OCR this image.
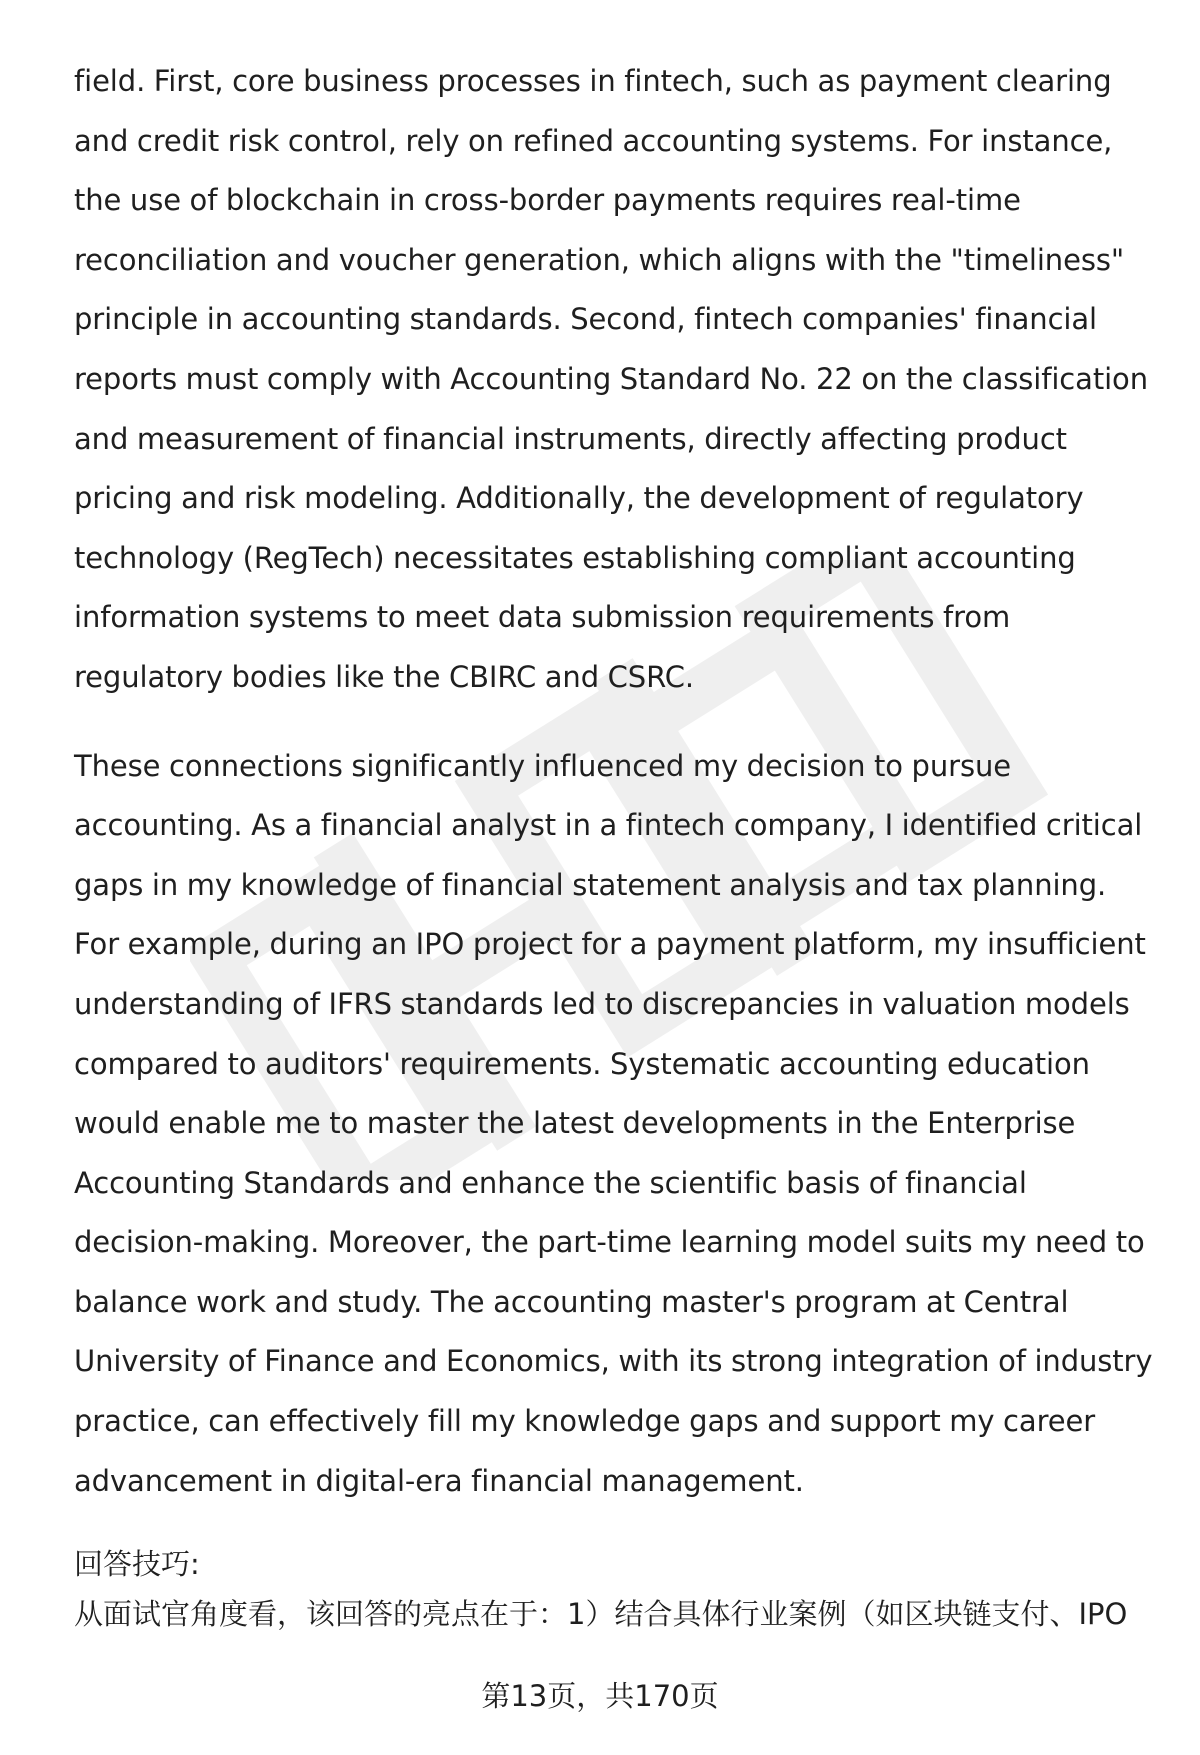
field. First, core business processes in fintech, such as payment clearing and credit risk control, rely on refined accounting systems. For instance, the use of blockchain in cross-border payments requires real-time reconciliation and voucher generation, which aligns with the "timeliness" principle in accounting standards. Second, fintech companies' financial reports must comply with Accounting Standard No. 22 on the classification and measurement of financial instruments, directly affecting product pricing and risk modeling. Additionally, the development of regulatory technology (RegTech) necessitates establishing compliant accounting information systems to meet data submission requirements from regulatory bodies like the CBIRC and CSRC.

These connections significantly influenced my decision to pursue accounting. As a financial analyst in a fintech company, I identified critical gaps in my knowledge of financial statement analysis and tax planning. For example, during an IPO project for a payment platform, my insufficient understanding of IFRS standards led to discrepancies in valuation models compared to auditors' requirements. Systematic accounting education would enable me to master the latest developments in the Enterprise Accounting Standards and enhance the scientific basis of financial decision-making. Moreover, the part-time learning model suits my need to balance work and study. The accounting master's program at Central University of Finance and Economics, with its strong integration of industry practice, can effectively fill my knowledge gaps and support my career advancement in digital-era financial management.

回答技巧:
从面试官角度看，该回答的亮点在于：1）结合具体行业案例（如区块链支付、IPO
第13页，共170页
